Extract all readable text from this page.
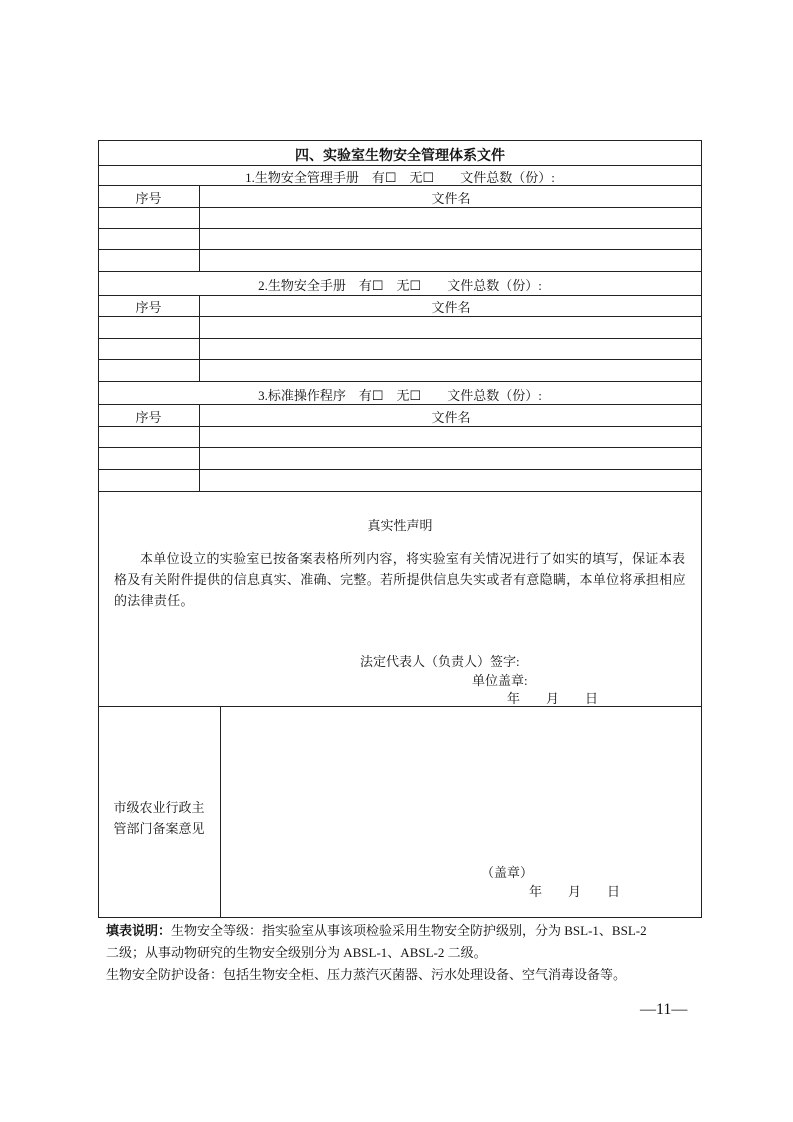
四、实验室生物安全管理体系文件
1.生物安全管理手册　有☐　无☐　　文件总数（份）:
序号	文件名
2.生物安全手册　有☐　无☐　　文件总数（份）:
序号	文件名
3.标准操作程序　有☐　无☐　　文件总数（份）:
序号	文件名
真实性声明
本单位设立的实验室已按备案表格所列内容，将实验室有关情况进行了如实的填写，保证本表格及有关附件提供的信息真实、准确、完整。若所提供信息失实或者有意隐瞒，本单位将承担相应的法律责任。
法定代表人（负责人）签字:
单位盖章:
年　　月　　日
市级农业行政主
管部门备案意见
（盖章）
年　　月　　日
填表说明：生物安全等级：指实验室从事该项检验采用生物安全防护级别，分为 BSL-1、BSL-2
二级；从事动物研究的生物安全级别分为 ABSL-1、ABSL-2 二级。
生物安全防护设备：包括生物安全柜、压力蒸汽灭菌器、污水处理设备、空气消毒设备等。
—11—
